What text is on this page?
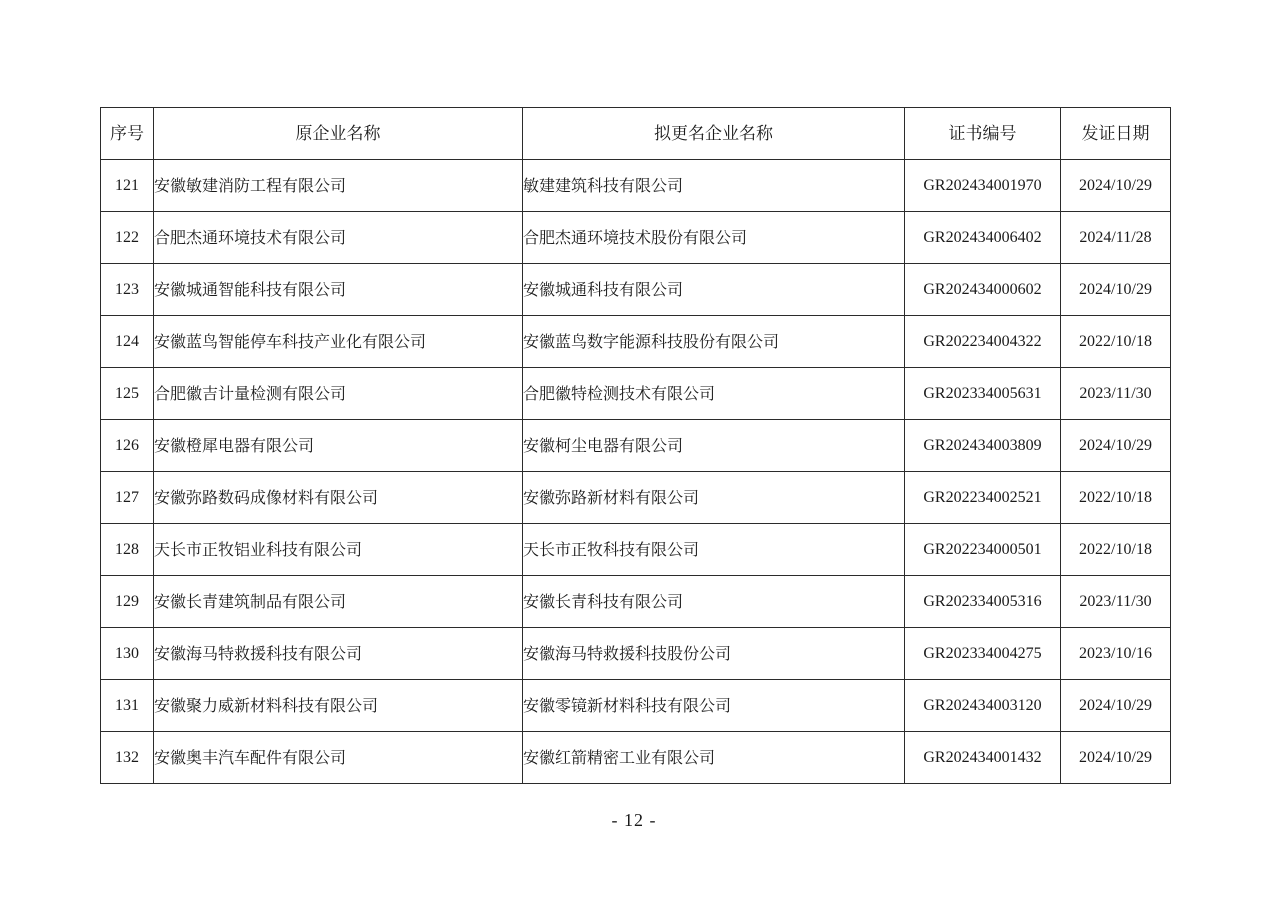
序号	原企业名称	拟更名企业名称	证书编号	发证日期
121	安徽敏建消防工程有限公司	敏建建筑科技有限公司	GR202434001970	2024/10/29
122	合肥杰通环境技术有限公司	合肥杰通环境技术股份有限公司	GR202434006402	2024/11/28
123	安徽城通智能科技有限公司	安徽城通科技有限公司	GR202434000602	2024/10/29
124	安徽蓝鸟智能停车科技产业化有限公司	安徽蓝鸟数字能源科技股份有限公司	GR202234004322	2022/10/18
125	合肥徽吉计量检测有限公司	合肥徽特检测技术有限公司	GR202334005631	2023/11/30
126	安徽橙犀电器有限公司	安徽柯尘电器有限公司	GR202434003809	2024/10/29
127	安徽弥路数码成像材料有限公司	安徽弥路新材料有限公司	GR202234002521	2022/10/18
128	天长市正牧铝业科技有限公司	天长市正牧科技有限公司	GR202234000501	2022/10/18
129	安徽长青建筑制品有限公司	安徽长青科技有限公司	GR202334005316	2023/11/30
130	安徽海马特救援科技有限公司	安徽海马特救援科技股份公司	GR202334004275	2023/10/16
131	安徽聚力威新材料科技有限公司	安徽零镜新材料科技有限公司	GR202434003120	2024/10/29
132	安徽奥丰汽车配件有限公司	安徽红箭精密工业有限公司	GR202434001432	2024/10/29
- 12 -
